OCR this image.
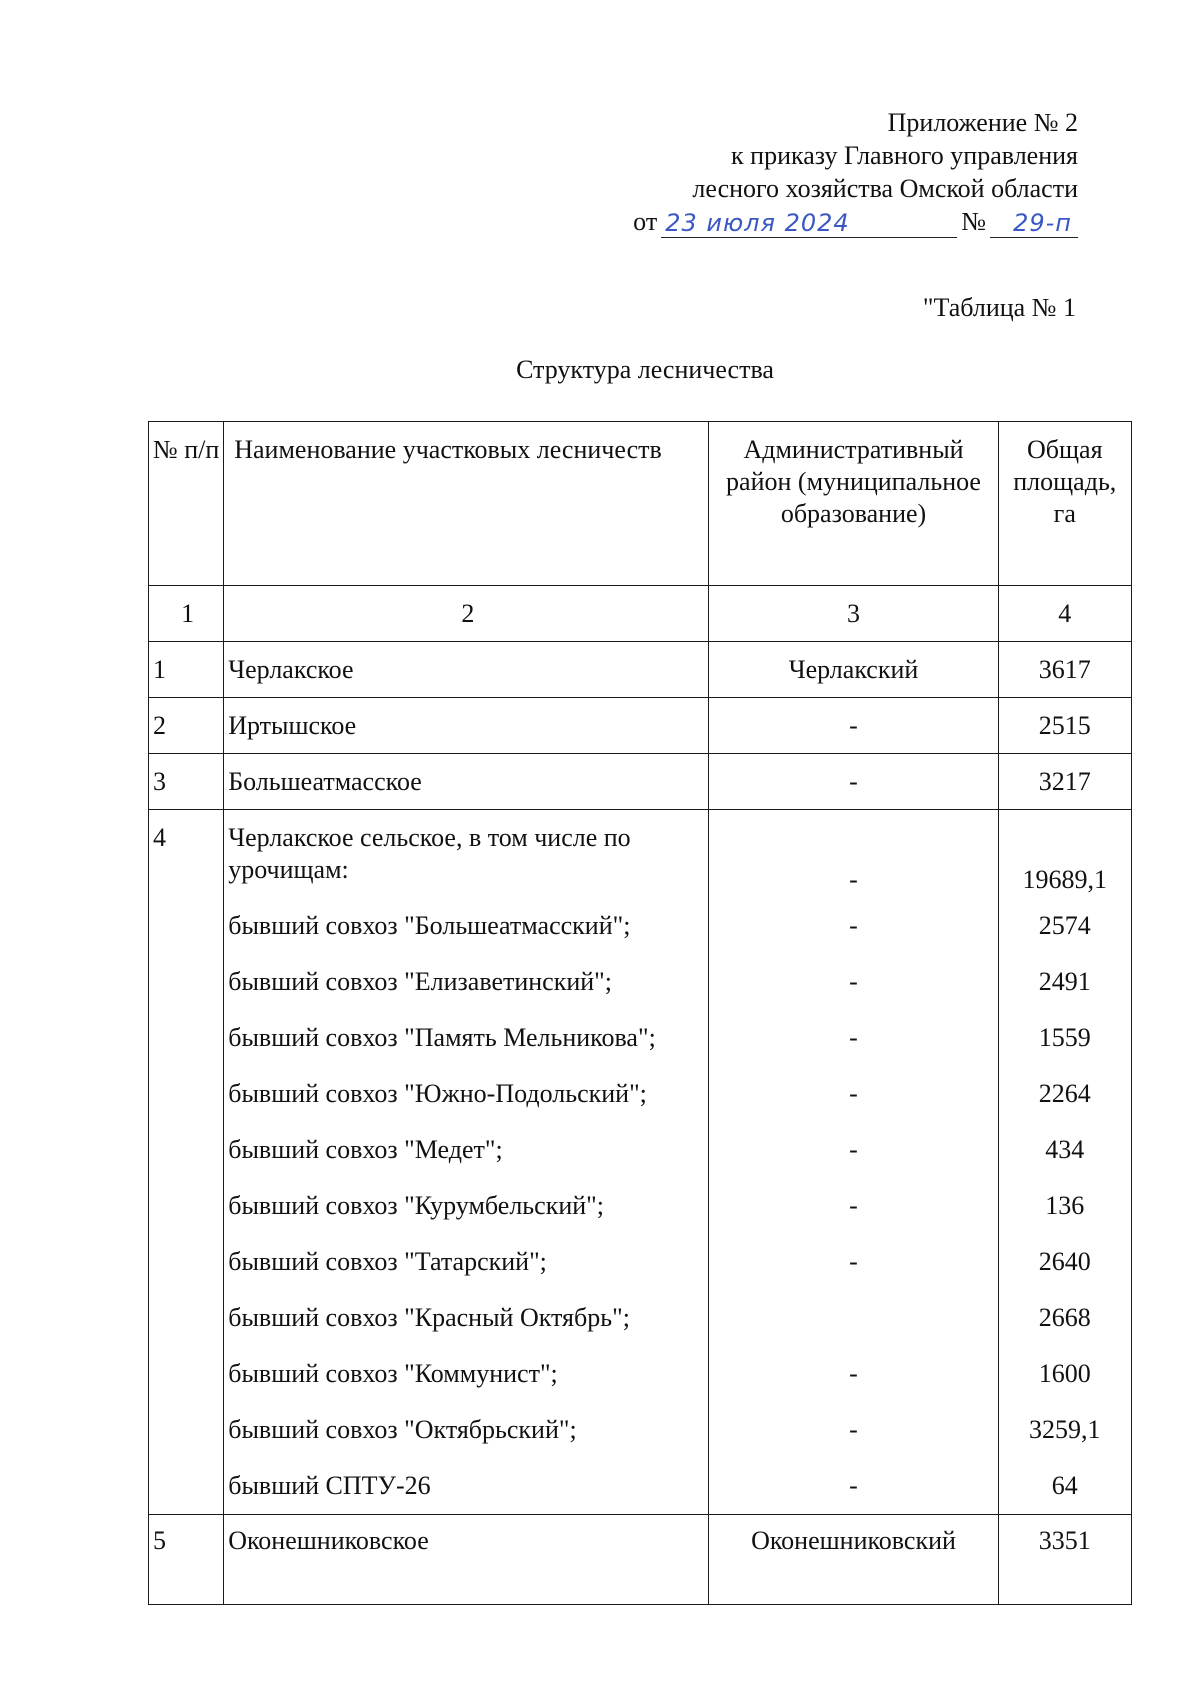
Приложение № 2
к приказу Главного управления
лесного хозяйства Омской области
от 23 июля 2024	№	29-п
"Таблица № 1
Структура лесничества
№ п/п	Наименование участковых лесничеств	Административный район (муниципальное образование)	Общая площадь, га
1	2	3	4
1	Черлакское	Черлакский	3617
2	Иртышское	-	2515
3	Большеатмасское	-	3217
4	Черлакское сельское, в том числе по урочищам:	-	19689,1
	бывший совхоз "Большеатмасский";	-	2574
	бывший совхоз "Елизаветинский";	-	2491
	бывший совхоз "Память Мельникова";	-	1559
	бывший совхоз "Южно-Подольский";	-	2264
	бывший совхоз "Медет";	-	434
	бывший совхоз "Курумбельский";	-	136
	бывший совхоз "Татарский";	-	2640
	бывший совхоз "Красный Октябрь";		2668
	бывший совхоз "Коммунист";	-	1600
	бывший совхоз "Октябрьский";	-	3259,1
	бывший СПТУ-26	-	64
5	Оконешниковское	Оконешниковский	3351
